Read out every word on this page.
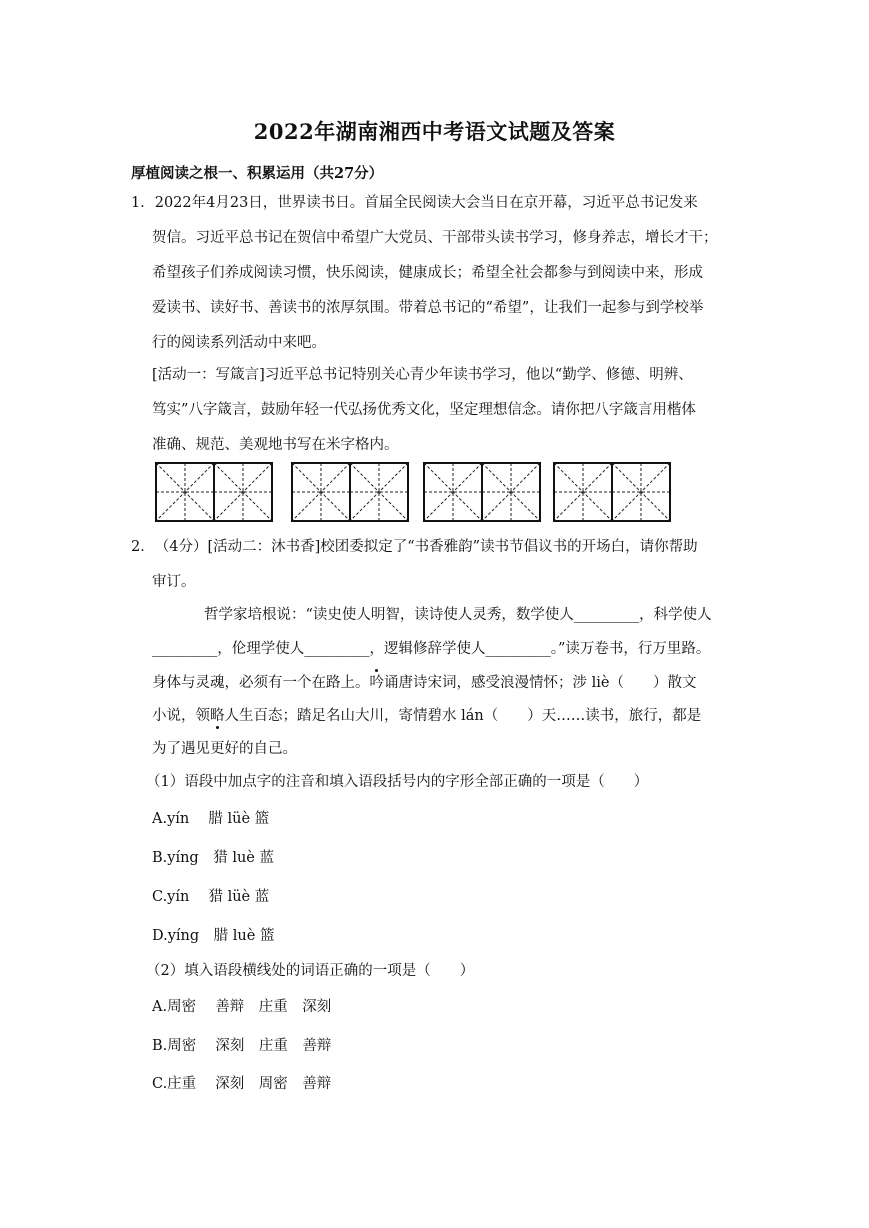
2022年湖南湘西中考语文试题及答案
厚植阅读之根一、积累运用（共27分）
1．2022年4月23日，世界读书日。首届全民阅读大会当日在京开幕，习近平总书记发来
贺信。习近平总书记在贺信中希望广大党员、干部带头读书学习，修身养志，增长才干；
希望孩子们养成阅读习惯，快乐阅读，健康成长；希望全社会都参与到阅读中来，形成
爱读书、读好书、善读书的浓厚氛围。带着总书记的“希望”，让我们一起参与到学校举
行的阅读系列活动中来吧。
[活动一：写箴言]习近平总书记特别关心青少年读书学习，他以“勤学、修德、明辨、
笃实”八字箴言，鼓励年轻一代弘扬优秀文化，坚定理想信念。请你把八字箴言用楷体
准确、规范、美观地书写在米字格内。
2．（4分）[活动二：沐书香]校团委拟定了“书香雅韵”读书节倡议书的开场白，请你帮助
审订。
哲学家培根说：“读史使人明智，读诗使人灵秀，数学使人_________，科学使人
_________，伦理学使人_________，逻辑修辞学使人_________。”读万卷书，行万里路。
身体与灵魂，必须有一个在路上。吟诵唐诗宋词，感受浪漫情怀；涉 liè（　　）散文
小说，领略人生百态；踏足名山大川，寄情碧水 lán（　　）天……读书，旅行，都是
为了遇见更好的自己。
（1）语段中加点字的注音和填入语段括号内的字形全部正确的一项是（　　）
A.yín　 腊 lüè 篮
B.yíng　猎 luè 蓝
C.yín　 猎 lüè 蓝
D.yíng　腊 luè 篮
（2）填入语段横线处的词语正确的一项是（　　）
A.周密　 善辩　庄重　深刻
B.周密　 深刻　庄重　善辩
C.庄重　 深刻　周密　善辩
